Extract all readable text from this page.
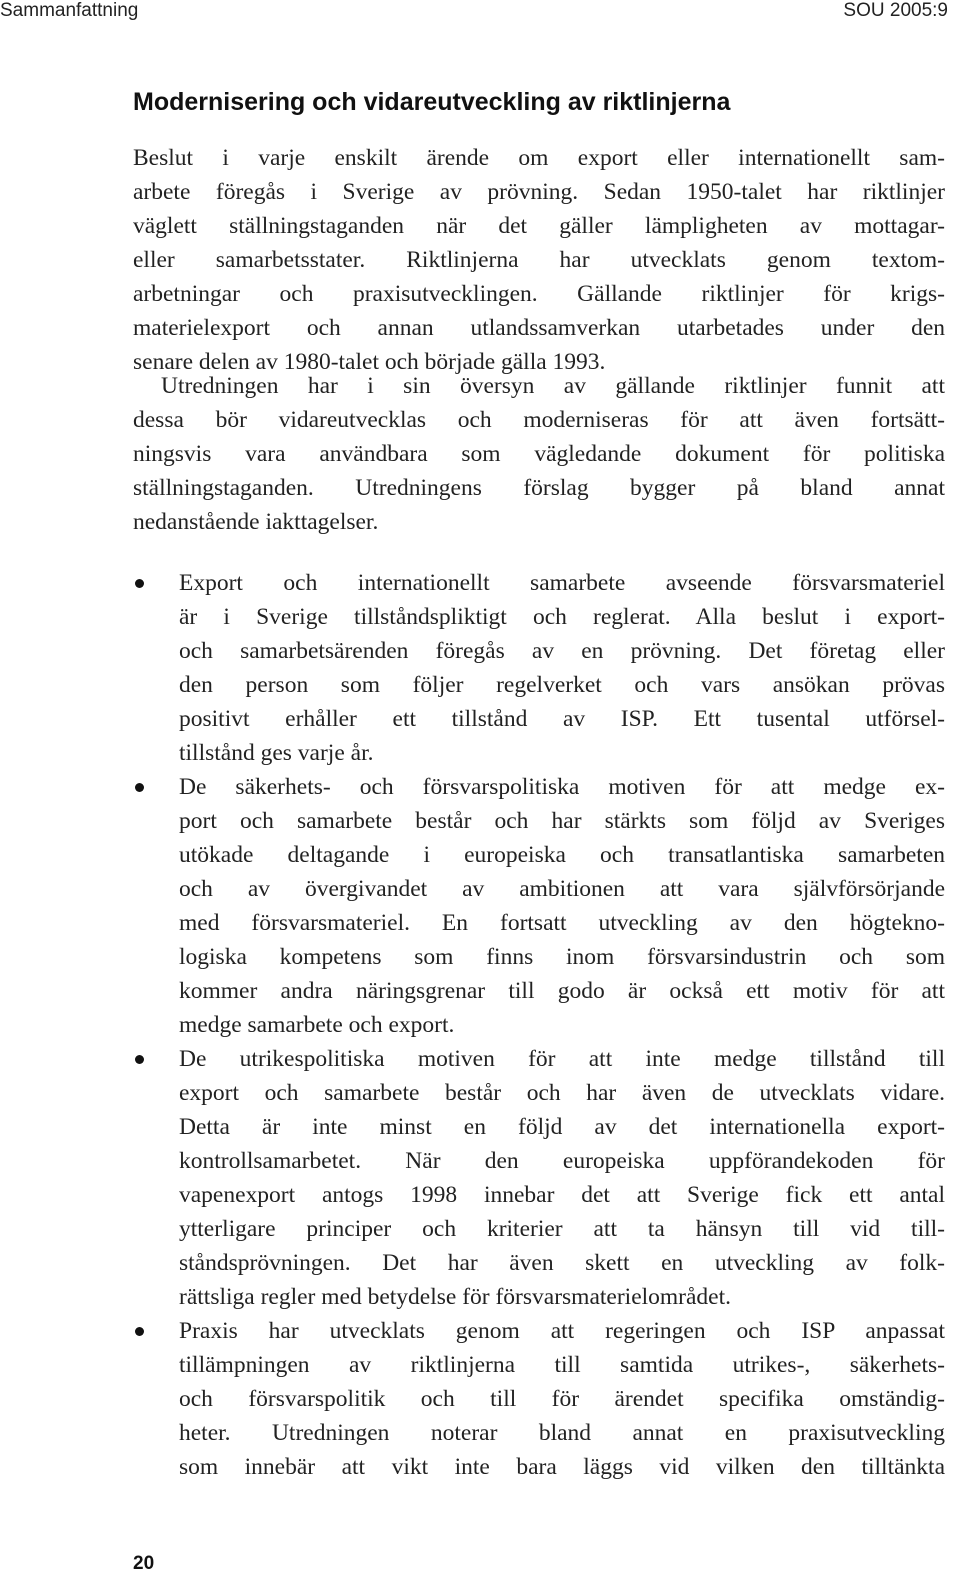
Sammanfattning	SOU 2005:9
Modernisering och vidareutveckling av riktlinjerna
Beslut i varje enskilt ärende om export eller internationellt sam-
arbete föregås i Sverige av prövning. Sedan 1950-talet har riktlinjer
väglett ställningstaganden när det gäller lämpligheten av mottagar-
eller samarbetsstater. Riktlinjerna har utvecklats genom textom-
arbetningar och praxisutvecklingen. Gällande riktlinjer för krigs-
materielexport och annan utlandssamverkan utarbetades under den
senare delen av 1980-talet och började gälla 1993.
Utredningen har i sin översyn av gällande riktlinjer funnit att
dessa bör vidareutvecklas och moderniseras för att även fortsätt-
ningsvis vara användbara som vägledande dokument för politiska
ställningstaganden. Utredningens förslag bygger på bland annat
nedanstående iakttagelser.
Export och internationellt samarbete avseende försvarsmateriel
är i Sverige tillståndspliktigt och reglerat. Alla beslut i export-
och samarbetsärenden föregås av en prövning. Det företag eller
den person som följer regelverket och vars ansökan prövas
positivt erhåller ett tillstånd av ISP. Ett tusental utförsel-
tillstånd ges varje år.
De säkerhets- och försvarspolitiska motiven för att medge ex-
port och samarbete består och har stärkts som följd av Sveriges
utökade deltagande i europeiska och transatlantiska samarbeten
och av övergivandet av ambitionen att vara självförsörjande
med försvarsmateriel. En fortsatt utveckling av den högtekno-
logiska kompetens som finns inom försvarsindustrin och som
kommer andra näringsgrenar till godo är också ett motiv för att
medge samarbete och export.
De utrikespolitiska motiven för att inte medge tillstånd till
export och samarbete består och har även de utvecklats vidare.
Detta är inte minst en följd av det internationella export-
kontrollsamarbetet. När den europeiska uppförandekoden för
vapenexport antogs 1998 innebar det att Sverige fick ett antal
ytterligare principer och kriterier att ta hänsyn till vid till-
ståndsprövningen. Det har även skett en utveckling av folk-
rättsliga regler med betydelse för försvarsmaterielområdet.
Praxis har utvecklats genom att regeringen och ISP anpassat
tillämpningen av riktlinjerna till samtida utrikes-, säkerhets-
och försvarspolitik och till för ärendet specifika omständig-
heter. Utredningen noterar bland annat en praxisutveckling
som innebär att vikt inte bara läggs vid vilken den tilltänkta
20
